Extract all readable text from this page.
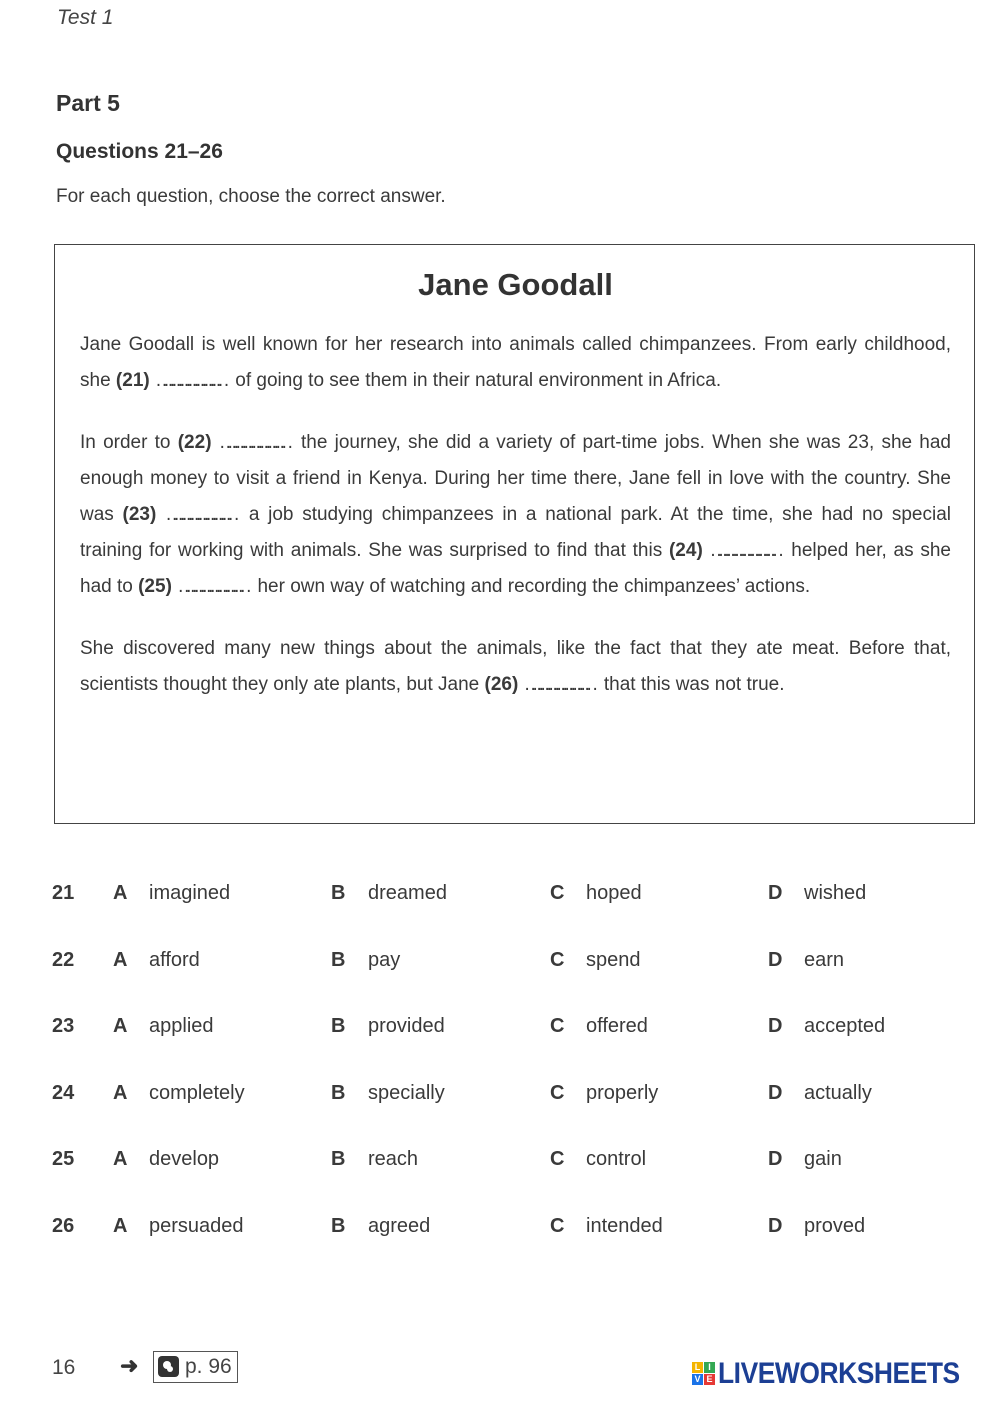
Test 1
Part 5
Questions 21–26
For each question, choose the correct answer.
Jane Goodall

Jane Goodall is well known for her research into animals called chimpanzees. From early childhood, she (21) …………………… of going to see them in their natural environment in Africa.

In order to (22) …………………… the journey, she did a variety of part-time jobs. When she was 23, she had enough money to visit a friend in Kenya. During her time there, Jane fell in love with the country. She was (23) …………………… a job studying chimpanzees in a national park. At the time, she had no special training for working with animals. She was surprised to find that this (24) …………………… helped her, as she had to (25) …………………… her own way of watching and recording the chimpanzees’ actions.

She discovered many new things about the animals, like the fact that they ate meat. Before that, scientists thought they only ate plants, but Jane (26) …………………… that this was not true.

21 A imagined	B dreamed	C hoped	D wished
22 A afford	B pay	C spend	D earn
23 A applied	B provided	C offered	D accepted
24 A completely	B specially	C properly	D actually
25 A develop	B reach	C control	D gain
26 A persuaded	B agreed	C intended	D proved
16 ➜ p. 96	L I
V E LIVEWORKSHEETS
